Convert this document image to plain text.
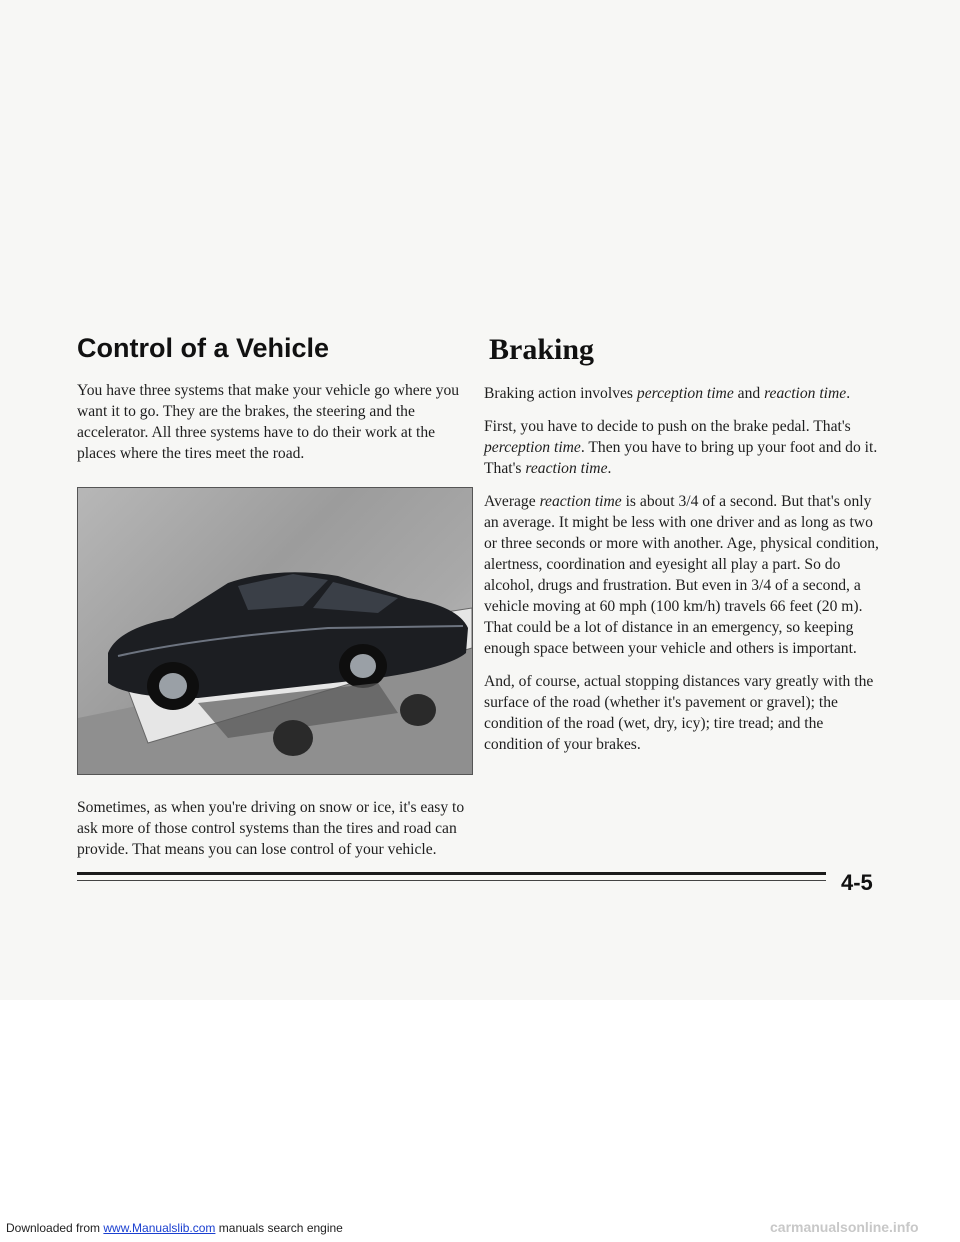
Control of a Vehicle

You have three systems that make your vehicle go where you want it to go. They are the brakes, the steering and the accelerator. All three systems have to do their work at the places where the tires meet the road.

Sometimes, as when you're driving on snow or ice, it's easy to ask more of those control systems than the tires and road can provide. That means you can lose control of your vehicle.

Braking

Braking action involves perception time and reaction time.

First, you have to decide to push on the brake pedal. That's perception time. Then you have to bring up your foot and do it. That's reaction time.

Average reaction time is about 3/4 of a second. But that's only an average. It might be less with one driver and as long as two or three seconds or more with another. Age, physical condition, alertness, coordination and eyesight all play a part. So do alcohol, drugs and frustration. But even in 3/4 of a second, a vehicle moving at 60 mph (100 km/h) travels 66 feet (20 m). That could be a lot of distance in an emergency, so keeping enough space between your vehicle and others is important.

And, of course, actual stopping distances vary greatly with the surface of the road (whether it's pavement or gravel); the condition of the road (wet, dry, icy); tire tread; and the condition of your brakes.

4-5
Downloaded from www.Manualslib.com manuals search engine	carmanualsonline.info
